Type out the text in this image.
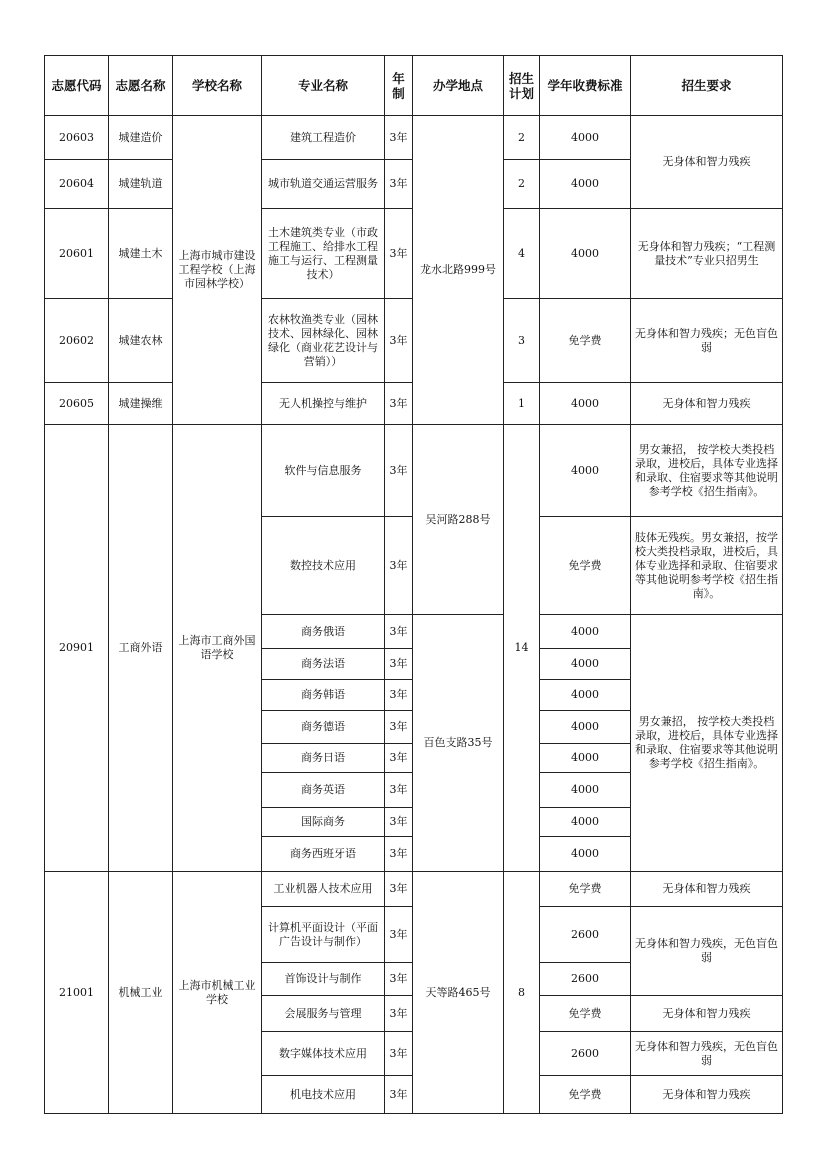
志愿代码	志愿名称	学校名称	专业名称	年制	办学地点	招生计划	学年收费标准	招生要求
20603	城建造价	上海市城市建设工程学校（上海市园林学校）	建筑工程造价	3年	龙水北路999号	2	4000	无身体和智力残疾
20604	城建轨道		城市轨道交通运营服务	3年		2	4000	
20601	城建土木		土木建筑类专业（市政工程施工、给排水工程施工与运行、工程测量技术）	3年		4	4000	无身体和智力残疾；“工程测量技术”专业只招男生
20602	城建农林		农林牧渔类专业（园林技术、园林绿化、园林绿化（商业花艺设计与营销））	3年		3	免学费	无身体和智力残疾；无色盲色弱
20605	城建操维		无人机操控与维护	3年		1	4000	无身体和智力残疾
20901	工商外语	上海市工商外国语学校	软件与信息服务	3年	吴河路288号	14	4000	男女兼招， 按学校大类投档录取，进校后，具体专业选择和录取、住宿要求等其他说明参考学校《招生指南》。
			数控技术应用	3年			免学费	肢体无残疾。男女兼招，按学校大类投档录取，进校后，具体专业选择和录取、住宿要求等其他说明参考学校《招生指南》。
			商务俄语	3年	百色支路35号		4000	男女兼招， 按学校大类投档录取，进校后，具体专业选择和录取、住宿要求等其他说明参考学校《招生指南》。
			商务法语	3年			4000	
			商务韩语	3年			4000	
			商务德语	3年			4000	
			商务日语	3年			4000	
			商务英语	3年			4000	
			国际商务	3年			4000	
			商务西班牙语	3年			4000	
21001	机械工业	上海市机械工业学校	工业机器人技术应用	3年	天等路465号	8	免学费	无身体和智力残疾
			计算机平面设计（平面广告设计与制作）	3年			2600	无身体和智力残疾，无色盲色弱
			首饰设计与制作	3年			2600	
			会展服务与管理	3年			免学费	无身体和智力残疾
			数字媒体技术应用	3年			2600	无身体和智力残疾，无色盲色弱
			机电技术应用	3年			免学费	无身体和智力残疾
